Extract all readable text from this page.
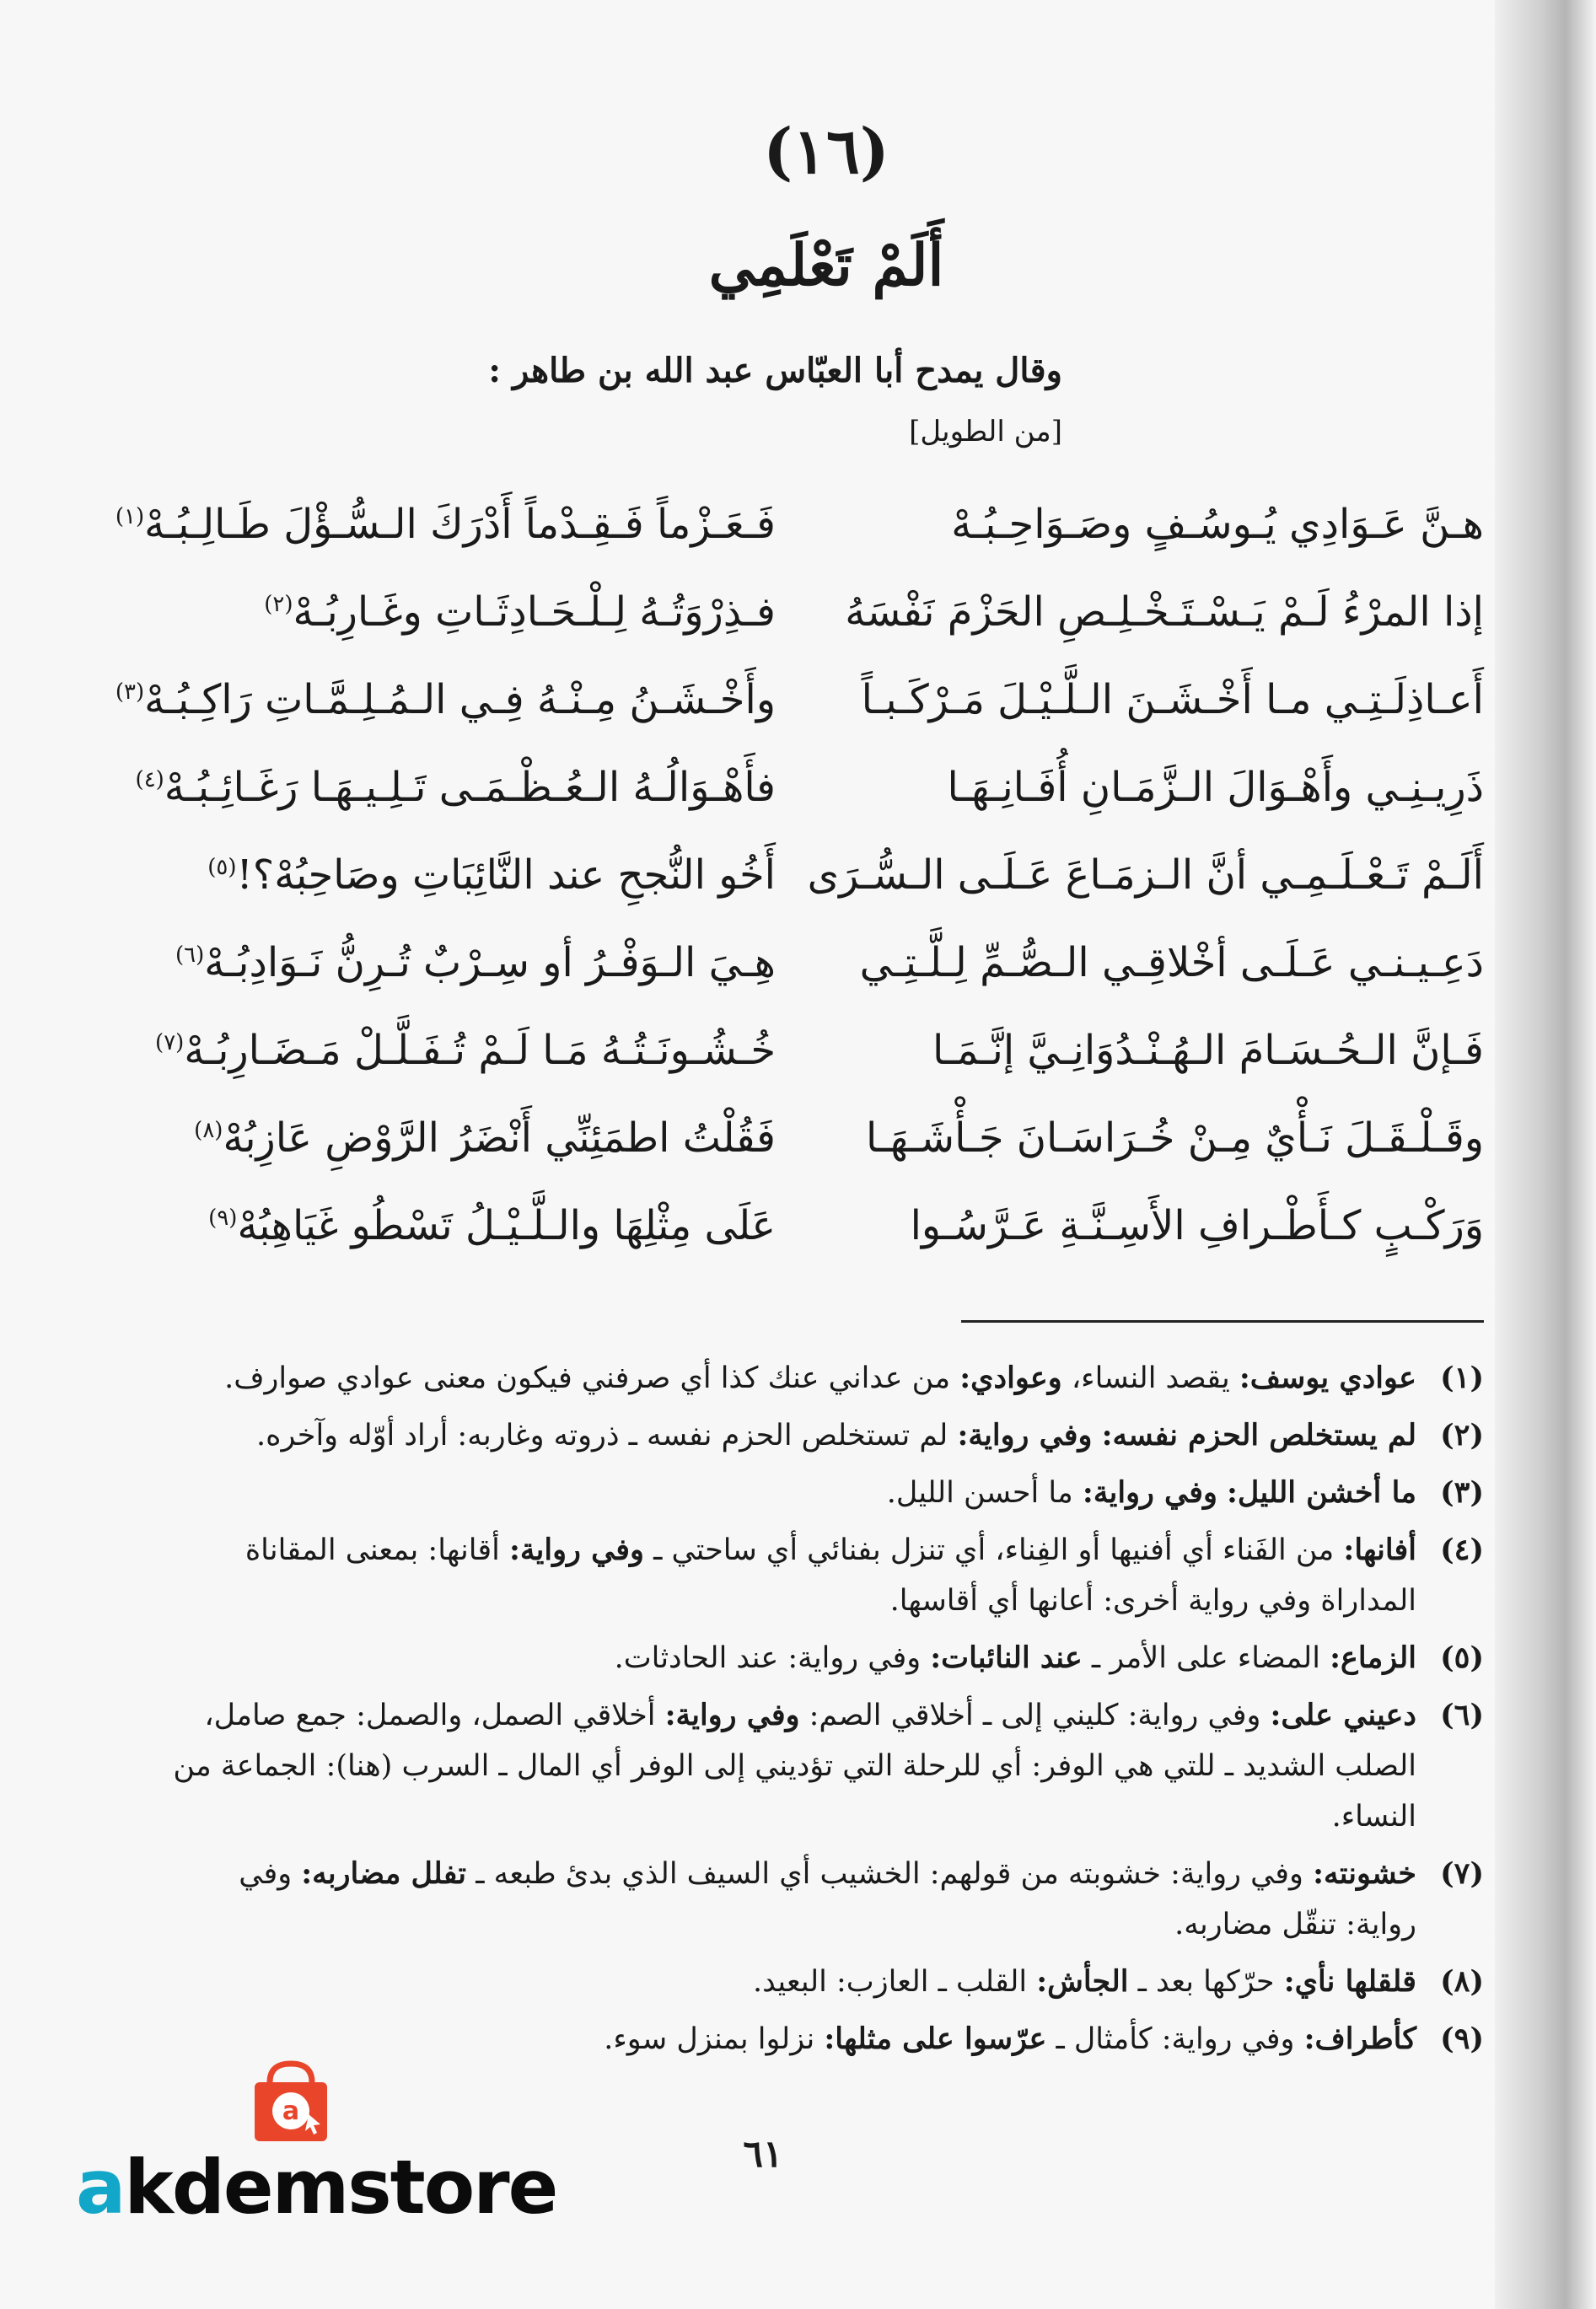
(١٦)
أَلَمْ تَعْلَمِي

وقال يمدح أبا العبّاس عبد الله بن طاهر :

[من الطويل]

هـنَّ عَـوَادِي يُـوسُـفٍ وصَـوَاحِـبُـهْ
فَـعَـزْماً فَـقِـدْماً أَدْرَكَ الـسُّـؤْلَ طَـالِـبُـهْ$^{(١)}$
إذا المرْءُ لَـمْ يَـسْـتَـخْـلِـصِ الحَزْمَ نَفْسَهُ
فـذِرْوَتُـهُ لِـلْـحَـادِثَـاتِ وغَـارِبُـهْ$^{(٢)}$
أَعـاذِلَـتِـي مـا أَخْـشَـنَ الـلَّـيْـلَ مَـرْكَـبـاً
وأَخْـشَـنُ مِـنْـهُ فِـي الـمُـلِـمَّـاتِ رَاكِـبُـهْ$^{(٣)}$
ذَرِيـنِـي وأَهْـوَالَ الـزَّمَـانِ أُفَـانِـهَـا
فأَهْـوَالُـهُ الـعُـظْـمَـى تَـلِـيـهَـا رَغَـائِـبُـهْ$^{(٤)}$
أَلَـمْ تَـعْـلَـمِـي أنَّ الـزمَـاعَ عَـلَـى الـسُّـرَى
أَخُو النُّجحِ عند النَّائِبَاتِ وصَاحِبُهْ؟!$^{(٥)}$
دَعِـيـنـي عَـلَـى أخْلاقِـي الـصُّـمِّ لِـلَّـتِـي
هِـيَ الـوَفْـرُ أو سِـرْبٌ تُـرِنُّ نَـوَادِبُـهْ$^{(٦)}$
فَـإنَّ الـحُـسَـامَ الـهُـنْـدُوَانِـيَّ إنَّـمَـا
خُـشُـونَـتُـهُ مَـا لَـمْ تُـفَـلَّـلْ مَـضَـارِبُـهْ$^{(٧)}$
وقَـلْـقَـلَ نَـأْيٌ مِـنْ خُـرَاسَـانَ جَـأْشَـهَـا
فَقُلْتُ اطمَئِنِّي أَنْضَرُ الرَّوْضِ عَازِبُهْ$^{(٨)}$
وَرَكْـبٍ كـأَطْـرافِ الأَسِـنَّـةِ عَـرَّسُـوا
عَلَى مِثْلِهَا والـلَّـيْـلُ تَسْطُو غَيَاهِبُهْ$^{(٩)}$
(١)
عوادي يوسف: يقصد النساء، وعوادي: من عداني عنك كذا أي صرفني فيكون معنى عوادي صوارف.
(٢)
لم يستخلص الحزم نفسه: وفي رواية: لم تستخلص الحزم نفسه ـ ذروته وغاربه: أراد أوّله وآخره.
(٣)
ما أخشن الليل: وفي رواية: ما أحسن الليل.
(٤)
أفانها: من الفَناء أي أفنيها أو الفِناء، أي تنزل بفنائي أي ساحتي ـ وفي رواية: أقانها: بمعنى المقاناة المداراة وفي رواية أخرى: أعانها أي أقاسها.
(٥)
الزماع: المضاء على الأمر ـ عند النائبات: وفي رواية: عند الحادثات.
(٦)
دعيني على: وفي رواية: كليني إلى ـ أخلاقي الصم: وفي رواية: أخلاقي الصمل، والصمل: جمع صامل، الصلب الشديد ـ للتي هي الوفر: أي للرحلة التي تؤديني إلى الوفر أي المال ـ السرب (هنا): الجماعة من النساء.
(٧)
خشونته: وفي رواية: خشوبته من قولهم: الخشيب أي السيف الذي بدئ طبعه ـ تفلل مضاربه: وفي رواية: تنقّل مضاربه.
(٨)
قلقلها نأي: حرّكها بعد ـ الجأش: القلب ـ العازب: البعيد.
(٩)
كأطراف: وفي رواية: كأمثال ـ عرّسوا على مثلها: نزلوا بمنزل سوء.
٦١
a
akdemstore
